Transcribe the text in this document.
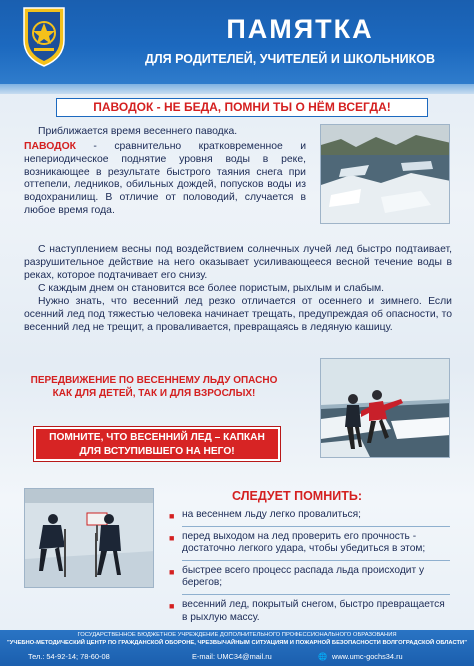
ПАМЯТКА
ДЛЯ РОДИТЕЛЕЙ, УЧИТЕЛЕЙ И ШКОЛЬНИКОВ
ПАВОДОК - НЕ БЕДА, ПОМНИ ТЫ О НЁМ ВСЕГДА!
Приближается время весеннего паводка.
ПАВОДОК - сравнительно кратковременное и непериодическое поднятие уровня воды в реке, возникающее в результате быстрого таяния снега при оттепели, ледников, обильных дождей, попусков воды из водохранилищ. В отличие от половодий, случается в любое время года.
С наступлением весны под воздействием солнечных лучей лед быстро подтаивает, разрушительное действие на него оказывает усиливающееся весной течение воды в реках, которое подтачивает его снизу.
С каждым днем он становится все более пористым, рыхлым и слабым.
Нужно знать, что весенний лед резко отличается от осеннего и зимнего. Если осенний лед под тяжестью человека начинает трещать, предупреждая об опасности, то весенний лед не трещит, а проваливается, превращаясь в ледяную кашицу.
ПЕРЕДВИЖЕНИЕ ПО ВЕСЕННЕМУ ЛЬДУ ОПАСНО
КАК ДЛЯ ДЕТЕЙ, ТАК И ДЛЯ ВЗРОСЛЫХ!
ПОМНИТЕ, ЧТО ВЕСЕННИЙ ЛЕД – КАПКАН
ДЛЯ ВСТУПИВШЕГО НА НЕГО!
СЛЕДУЕТ ПОМНИТЬ:
■ на весеннем льду легко провалиться;
■ перед выходом на лед проверить его прочность - достаточно легкого удара, чтобы убедиться в этом;
■ быстрее всего процесс распада льда происходит у берегов;
■ весенний лед, покрытый снегом, быстро превращается в рыхлую массу.
ГОСУДАРСТВЕННОЕ БЮДЖЕТНОЕ УЧРЕЖДЕНИЕ ДОПОЛНИТЕЛЬНОГО ПРОФЕССИОНАЛЬНОГО ОБРАЗОВАНИЯ
"УЧЕБНО-МЕТОДИЧЕСКИЙ ЦЕНТР ПО ГРАЖДАНСКОЙ ОБОРОНЕ, ЧРЕЗВЫЧАЙНЫМ СИТУАЦИЯМ И ПОЖАРНОЙ БЕЗОПАСНОСТИ ВОЛГОГРАДСКОЙ ОБЛАСТИ"
Тел.: 54-92-14; 78-60-08	E-mail: UMC34@mail.ru	🌐 www.umc-gochs34.ru
